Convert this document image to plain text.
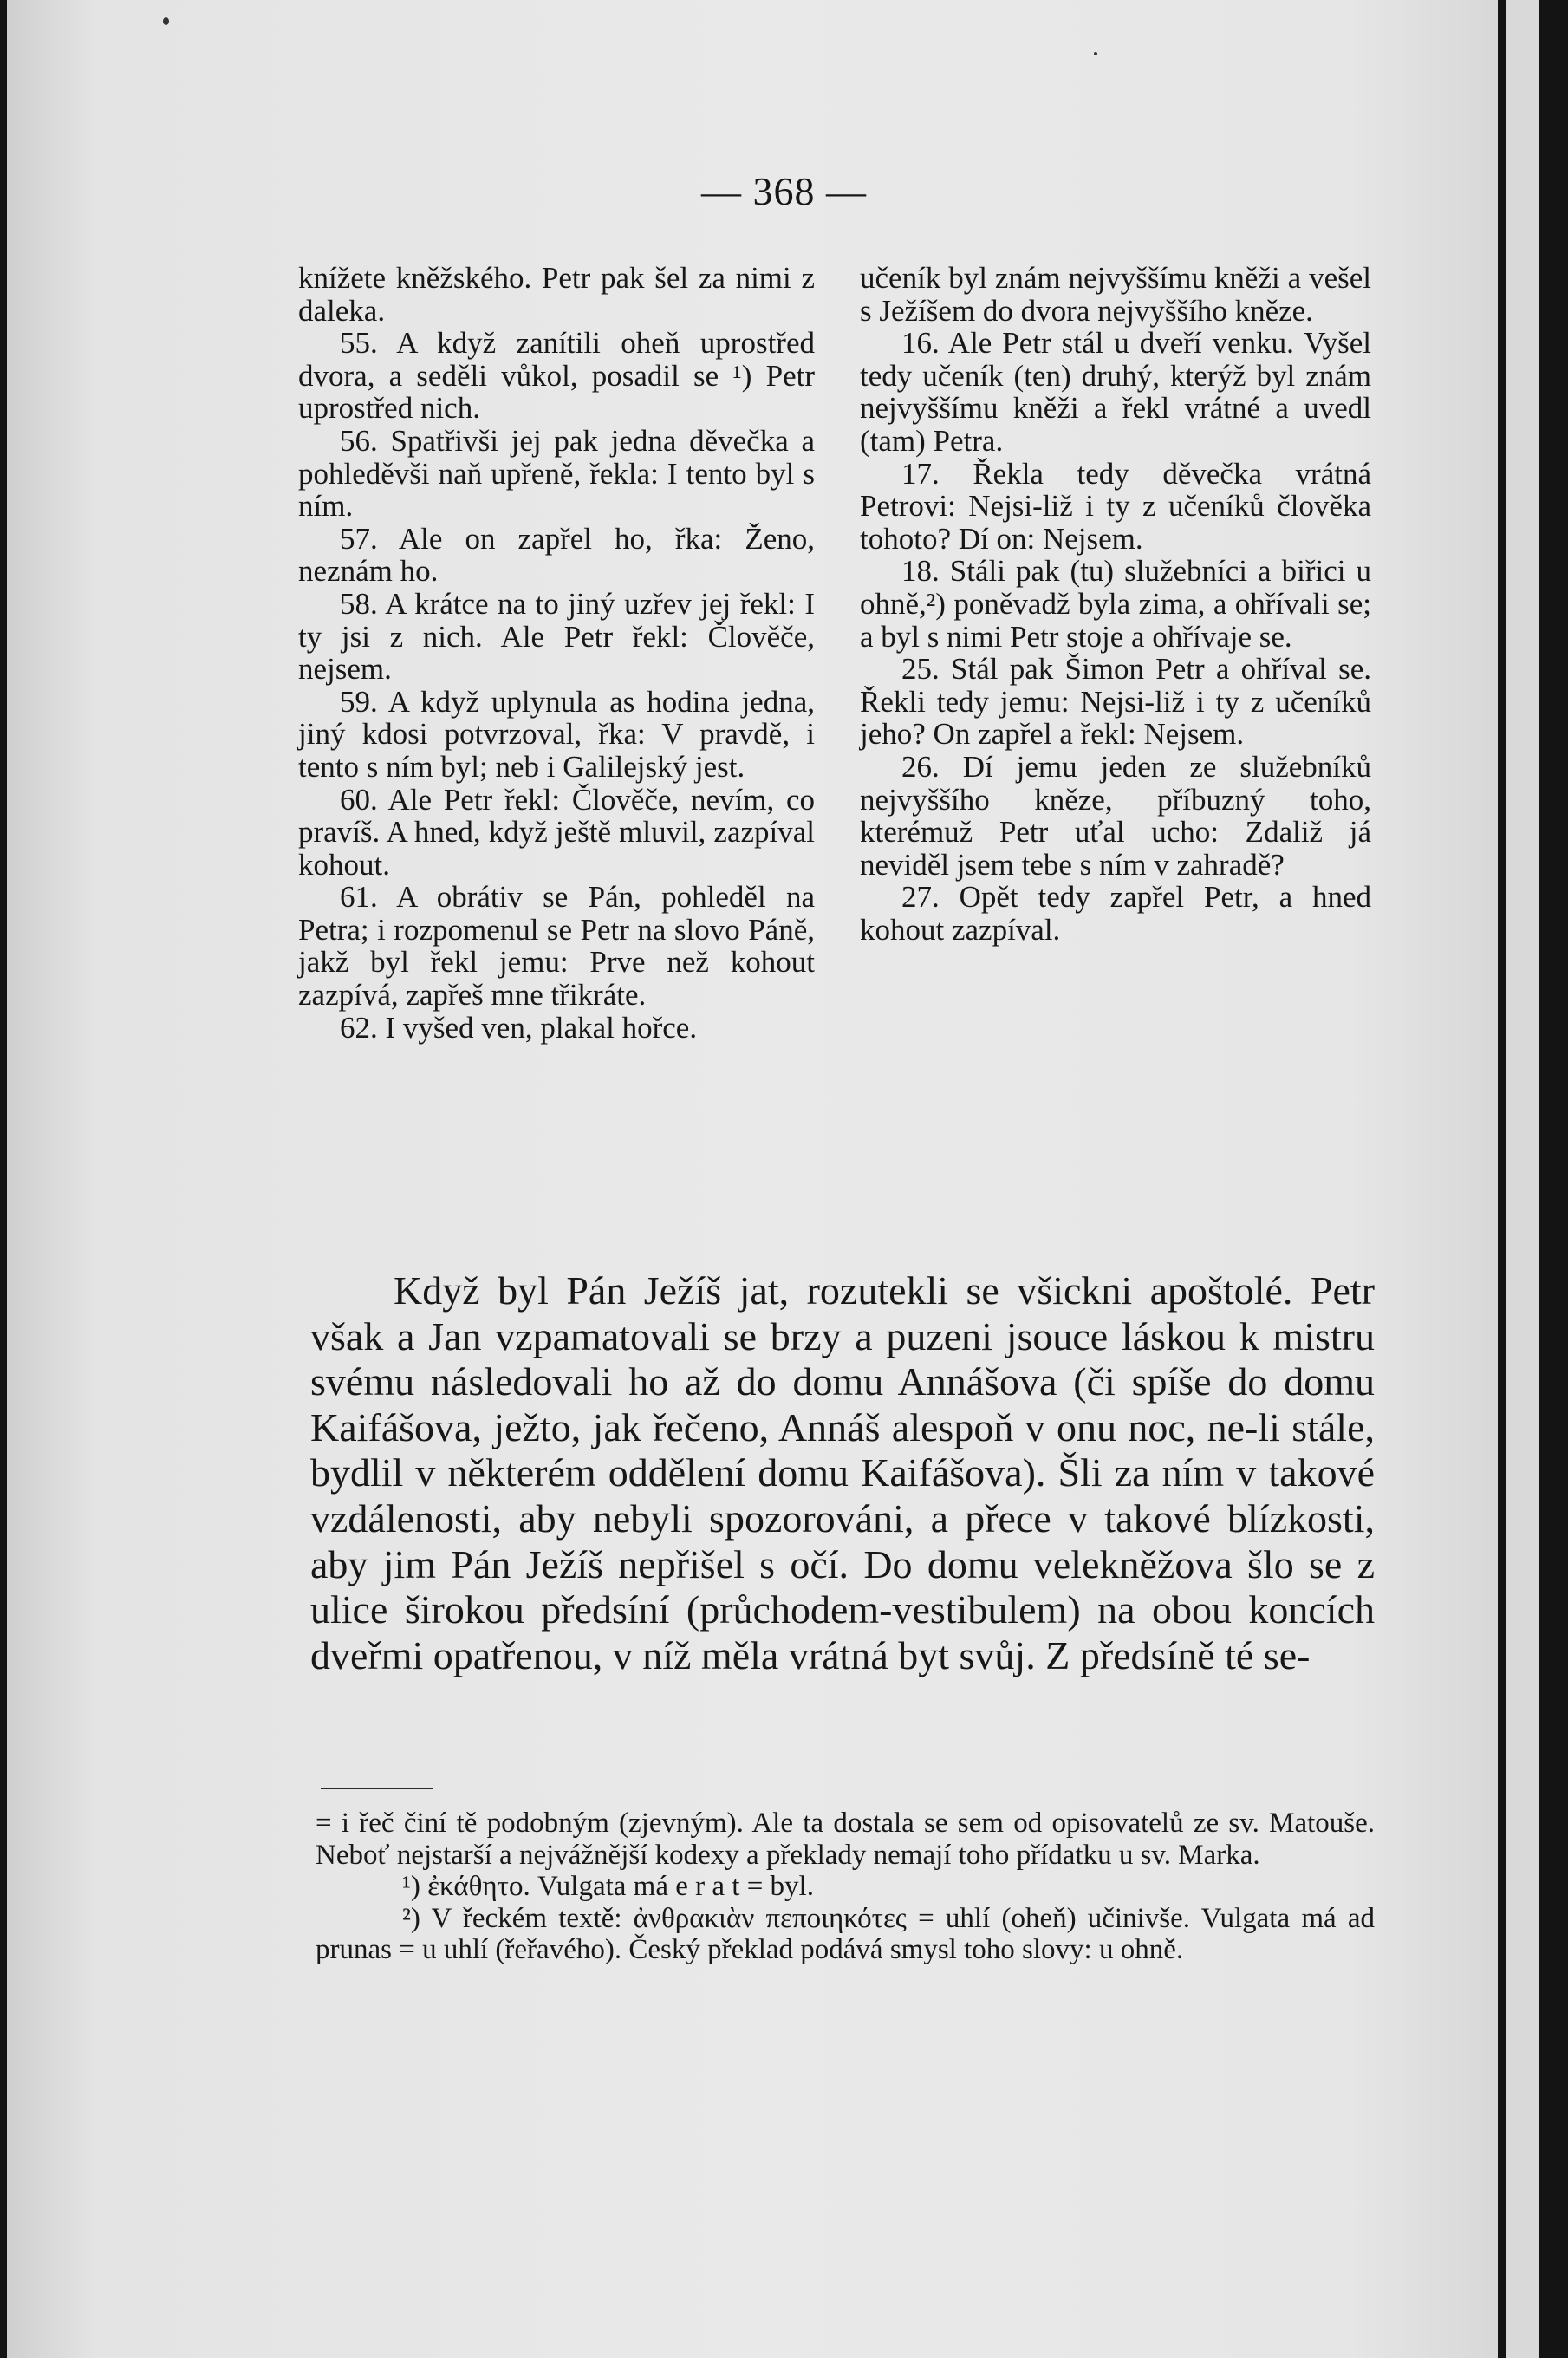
— 368 —

knížete kněžského. Petr pak šel za nimi z daleka.

55. A když zanítili oheň uprostřed dvora, a seděli vůkol, posadil se ¹) Petr uprostřed nich.

56. Spatřivši jej pak jedna děvečka a pohleděvši naň upřeně, řekla: I tento byl s ním.

57. Ale on zapřel ho, řka: Ženo, neznám ho.

58. A krátce na to jiný uzřev jej řekl: I ty jsi z nich. Ale Petr řekl: Člověče, nejsem.

59. A když uplynula as hodina jedna, jiný kdosi potvrzoval, řka: V pravdě, i tento s ním byl; neb i Galilejský jest.

60. Ale Petr řekl: Člověče, nevím, co pravíš. A hned, když ještě mluvil, zazpíval kohout.

61. A obrátiv se Pán, pohleděl na Petra; i rozpomenul se Petr na slovo Páně, jakž byl řekl jemu: Prve než kohout zazpívá, zapřeš mne třikráte.

62. I vyšed ven, plakal hořce.

učeník byl znám nejvyššímu kněži a vešel s Ježíšem do dvora nejvyššího kněze.

16. Ale Petr stál u dveří venku. Vyšel tedy učeník (ten) druhý, kterýž byl znám nejvyššímu kněži a řekl vrátné a uvedl (tam) Petra.

17. Řekla tedy děvečka vrátná Petrovi: Nejsi-liž i ty z učeníků člověka tohoto? Dí on: Nejsem.

18. Stáli pak (tu) služebníci a biřici u ohně,²) poněvadž byla zima, a ohřívali se; a byl s nimi Petr stoje a ohřívaje se.

25. Stál pak Šimon Petr a ohříval se. Řekli tedy jemu: Nejsi-liž i ty z učeníků jeho? On zapřel a řekl: Nejsem.

26. Dí jemu jeden ze služebníků nejvyššího kněze, příbuzný toho, kterémuž Petr uťal ucho: Zdaliž já neviděl jsem tebe s ním v zahradě?

27. Opět tedy zapřel Petr, a hned kohout zazpíval.

Když byl Pán Ježíš jat, rozutekli se všickni apoštolé. Petr však a Jan vzpamatovali se brzy a puzeni jsouce láskou k mistru svému následovali ho až do domu Annášova (či spíše do domu Kaifášova, ježto, jak řečeno, Annáš alespoň v onu noc, ne-li stále, bydlil v některém oddělení domu Kaifášova). Šli za ním v takové vzdálenosti, aby nebyli spozorováni, a přece v takové blízkosti, aby jim Pán Ježíš nepřišel s očí. Do domu velekněžova šlo se z ulice širokou předsíní (průchodem-vestibulem) na obou koncích dveřmi opatřenou, v níž měla vrátná byt svůj. Z předsíně té se-

= i řeč činí tě podobným (zjevným). Ale ta dostala se sem od opisovatelů ze sv. Matouše. Neboť nejstarší a nejvážnější kodexy a překlady nemají toho přídatku u sv. Marka.

¹) ἐκάθητο. Vulgata má e r a t = byl.

²) V řeckém textě: ἀνθρακιὰν πεποιηκότες = uhlí (oheň) učinivše. Vulgata má ad prunas = u uhlí (řeřavého). Český překlad podává smysl toho slovy: u ohně.
